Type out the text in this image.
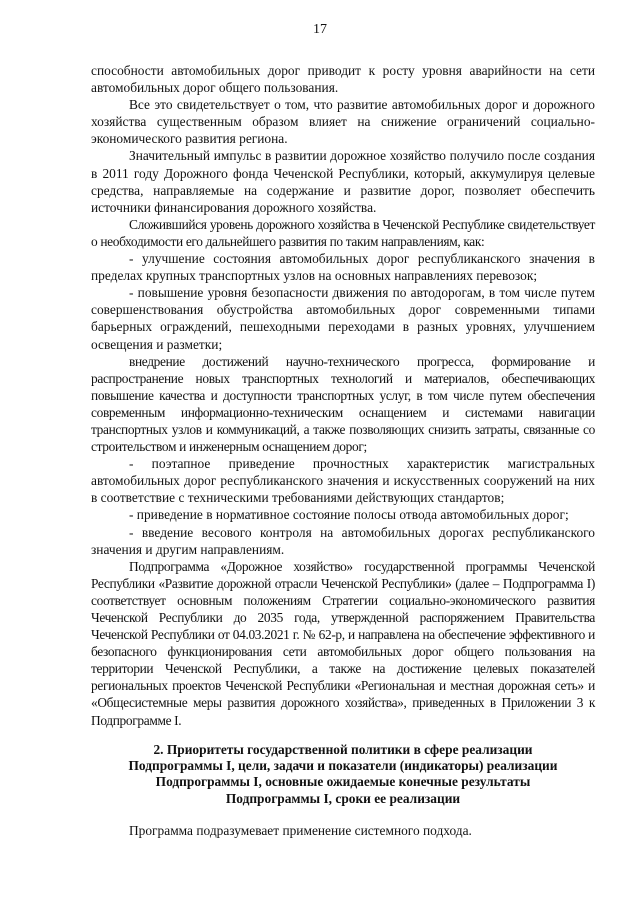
17

способности автомобильных дорог приводит к росту уровня аварийности на сети автомобильных дорог общего пользования.

Все это свидетельствует о том, что развитие автомобильных дорог и дорожного хозяйства существенным образом влияет на снижение ограничений социально-экономического развития региона.

Значительный импульс в развитии дорожное хозяйство получило после создания в 2011 году Дорожного фонда Чеченской Республики, который, аккумулируя целевые средства, направляемые на содержание и развитие дорог, позволяет обеспечить источники финансирования дорожного хозяйства.

Сложившийся уровень дорожного хозяйства в Чеченской Республике свидетельствует о необходимости его дальнейшего развития по таким направлениям, как:

- улучшение состояния автомобильных дорог республиканского значения в пределах крупных транспортных узлов на основных направлениях перевозок;

- повышение уровня безопасности движения по автодорогам, в том числе путем совершенствования обустройства автомобильных дорог современными типами барьерных ограждений, пешеходными переходами в разных уровнях, улучшением освещения и разметки;

внедрение достижений научно-технического прогресса, формирование и распространение новых транспортных технологий и материалов, обеспечивающих повышение качества и доступности транспортных услуг, в том числе путем обеспечения современным информационно-техническим оснащением и системами навигации транспортных узлов и коммуникаций, а также позволяющих снизить затраты, связанные со строительством и инженерным оснащением дорог;

- поэтапное приведение прочностных характеристик магистральных автомобильных дорог республиканского значения и искусственных сооружений на них в соответствие с техническими требованиями действующих стандартов;

- приведение в нормативное состояние полосы отвода автомобильных дорог;

- введение весового контроля на автомобильных дорогах республиканского значения и другим направлениям.

Подпрограмма «Дорожное хозяйство» государственной программы Чеченской Республики «Развитие дорожной отрасли Чеченской Республики» (далее – Подпрограмма I) соответствует основным положениям Стратегии социально-экономического развития Чеченской Республики до 2035 года, утвержденной распоряжением Правительства Чеченской Республики от 04.03.2021 г. № 62-р, и направлена на обеспечение эффективного и безопасного функционирования сети автомобильных дорог общего пользования на территории Чеченской Республики, а также на достижение целевых показателей региональных проектов Чеченской Республики «Региональная и местная дорожная сеть» и «Общесистемные меры развития дорожного хозяйства», приведенных в Приложении 3 к Подпрограмме I.

2. Приоритеты государственной политики в сфере реализации
Подпрограммы I, цели, задачи и показатели (индикаторы) реализации
Подпрограммы I, основные ожидаемые конечные результаты
Подпрограммы I, сроки ее реализации

Программа подразумевает применение системного подхода.
